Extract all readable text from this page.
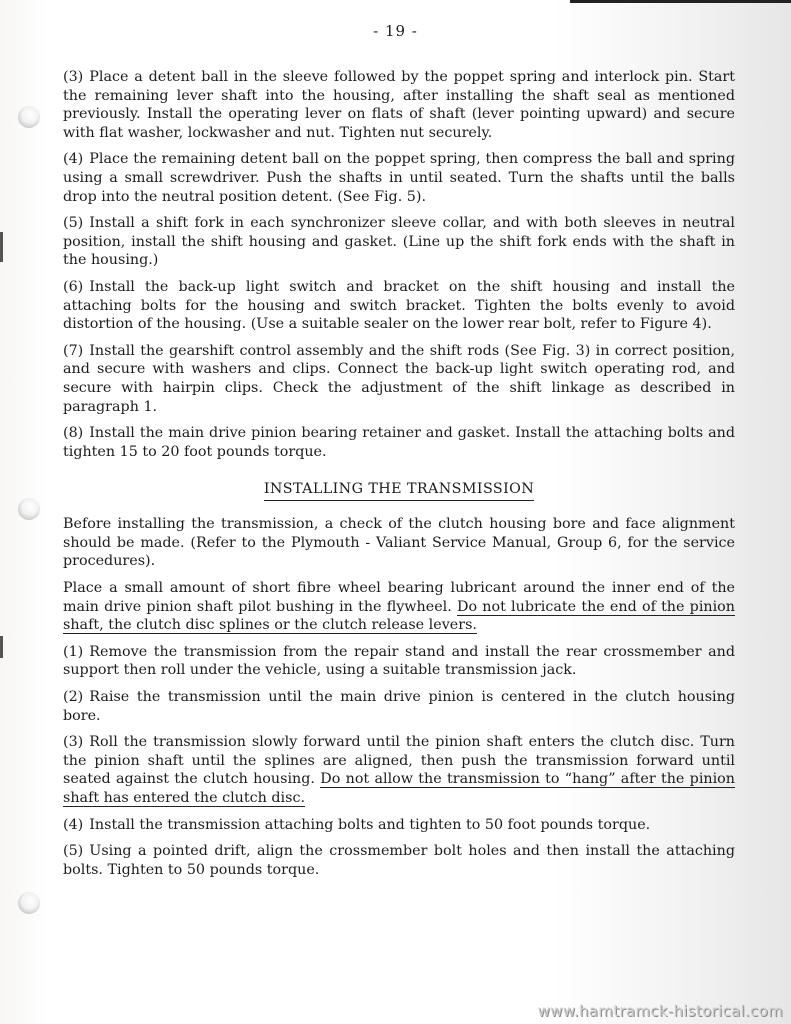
- 19 -

(3) Place a detent ball in the sleeve followed by the poppet spring and interlock pin. Start the remaining lever shaft into the housing, after installing the shaft seal as mentioned previously. Install the operating lever on flats of shaft (lever pointing upward) and secure with flat washer, lockwasher and nut. Tighten nut securely.

(4) Place the remaining detent ball on the poppet spring, then compress the ball and spring using a small screwdriver. Push the shafts in until seated. Turn the shafts until the balls drop into the neutral position detent. (See Fig. 5).

(5) Install a shift fork in each synchronizer sleeve collar, and with both sleeves in neutral position, install the shift housing and gasket. (Line up the shift fork ends with the shaft in the housing.)

(6) Install the back-up light switch and bracket on the shift housing and install the attaching bolts for the housing and switch bracket. Tighten the bolts evenly to avoid distortion of the housing. (Use a suitable sealer on the lower rear bolt, refer to Figure 4).

(7) Install the gearshift control assembly and the shift rods (See Fig. 3) in correct position, and secure with washers and clips. Connect the back-up light switch operating rod, and secure with hairpin clips. Check the adjustment of the shift linkage as described in paragraph 1.

(8) Install the main drive pinion bearing retainer and gasket. Install the attaching bolts and tighten 15 to 20 foot pounds torque.

INSTALLING THE TRANSMISSION

Before installing the transmission, a check of the clutch housing bore and face alignment should be made. (Refer to the Plymouth - Valiant Service Manual, Group 6, for the service procedures).

Place a small amount of short fibre wheel bearing lubricant around the inner end of the main drive pinion shaft pilot bushing in the flywheel. Do not lubricate the end of the pinion shaft, the clutch disc splines or the clutch release levers.

(1) Remove the transmission from the repair stand and install the rear crossmember and support then roll under the vehicle, using a suitable transmission jack.

(2) Raise the transmission until the main drive pinion is centered in the clutch housing bore.

(3) Roll the transmission slowly forward until the pinion shaft enters the clutch disc. Turn the pinion shaft until the splines are aligned, then push the transmission forward until seated against the clutch housing. Do not allow the transmission to “hang” after the pinion shaft has entered the clutch disc.

(4) Install the transmission attaching bolts and tighten to 50 foot pounds torque.

(5) Using a pointed drift, align the crossmember bolt holes and then install the attaching bolts. Tighten to 50 pounds torque.

www.hamtramck-historical.com
